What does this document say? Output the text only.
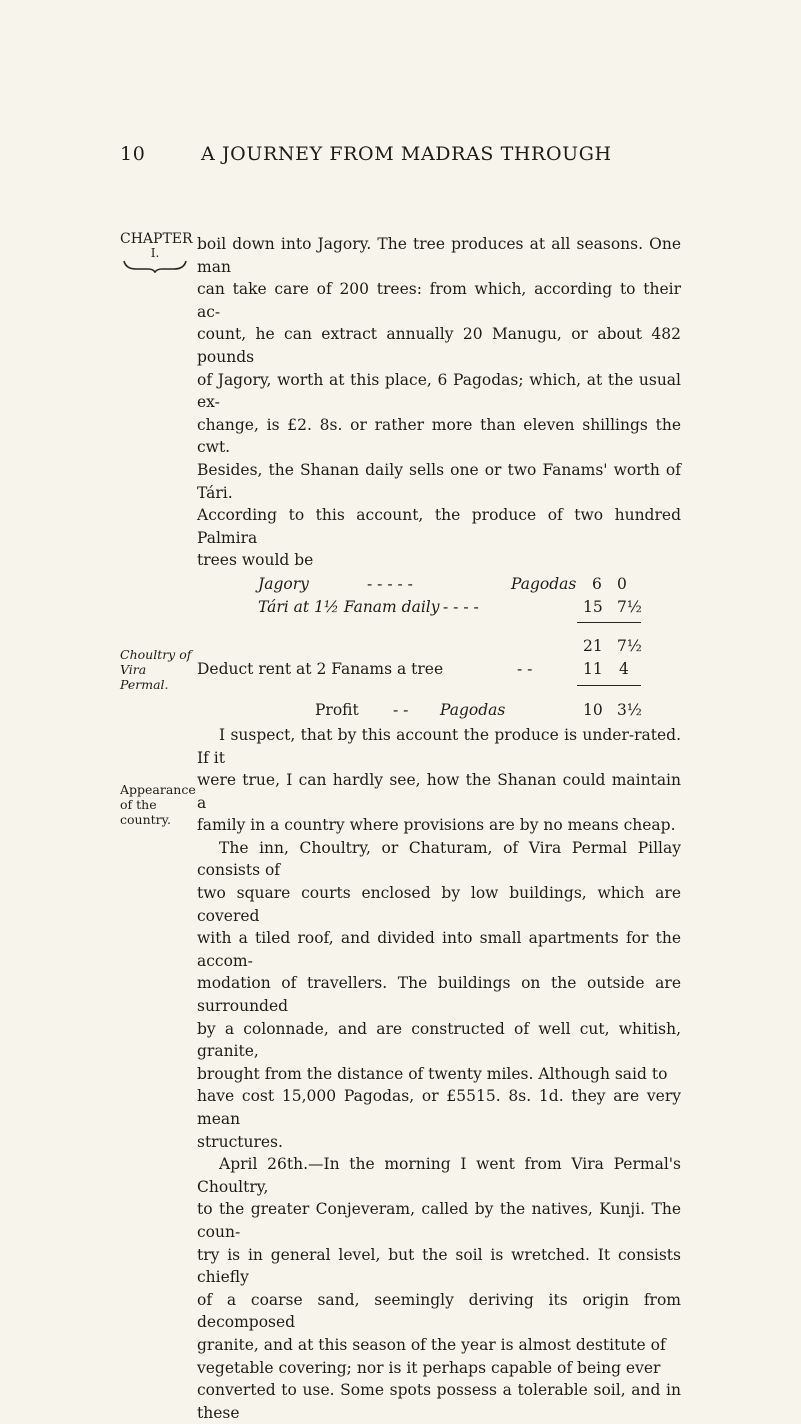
10	A JOURNEY FROM MADRAS THROUGH
CHAPTER
I.
Choultry of Vira Permal.
Appearance of the country.

boil down into Jagory. The tree produces at all seasons. One man
can take care of 200 trees: from which, according to their ac-
count, he can extract annually 20 Manugu, or about 482 pounds
of Jagory, worth at this place, 6 Pagodas; which, at the usual ex-
change, is £2. 8s. or rather more than eleven shillings the cwt.
Besides, the Shanan daily sells one or two Fanams' worth of Tári.
According to this account, the produce of two hundred Palmira
trees would be

Jagory	- - - - -	Pagodas 6 0
Tári at 1½ Fanam daily - - - -	15 7½
21 7½
Deduct rent at 2 Fanams a tree	- -	11 4
Profit - - Pagodas	10 3½

I suspect, that by this account the produce is under-rated. If it
were true, I can hardly see, how the Shanan could maintain a
family in a country where provisions are by no means cheap.

The inn, Choultry, or Chaturam, of Vira Permal Pillay consists of
two square courts enclosed by low buildings, which are covered
with a tiled roof, and divided into small apartments for the accom-
modation of travellers. The buildings on the outside are surrounded
by a colonnade, and are constructed of well cut, whitish, granite,
brought from the distance of twenty miles. Although said to
have cost 15,000 Pagodas, or £5515. 8s. 1d. they are very mean
structures.

April 26th.—In the morning I went from Vira Permal's Choultry,
to the greater Conjeveram, called by the natives, Kunji. The coun-
try is in general level, but the soil is wretched. It consists chiefly
of a coarse sand, seemingly deriving its origin from decomposed
granite, and at this season of the year is almost destitute of
vegetable covering; nor is it perhaps capable of being ever
converted to use. Some spots possess a tolerable soil, and in these
